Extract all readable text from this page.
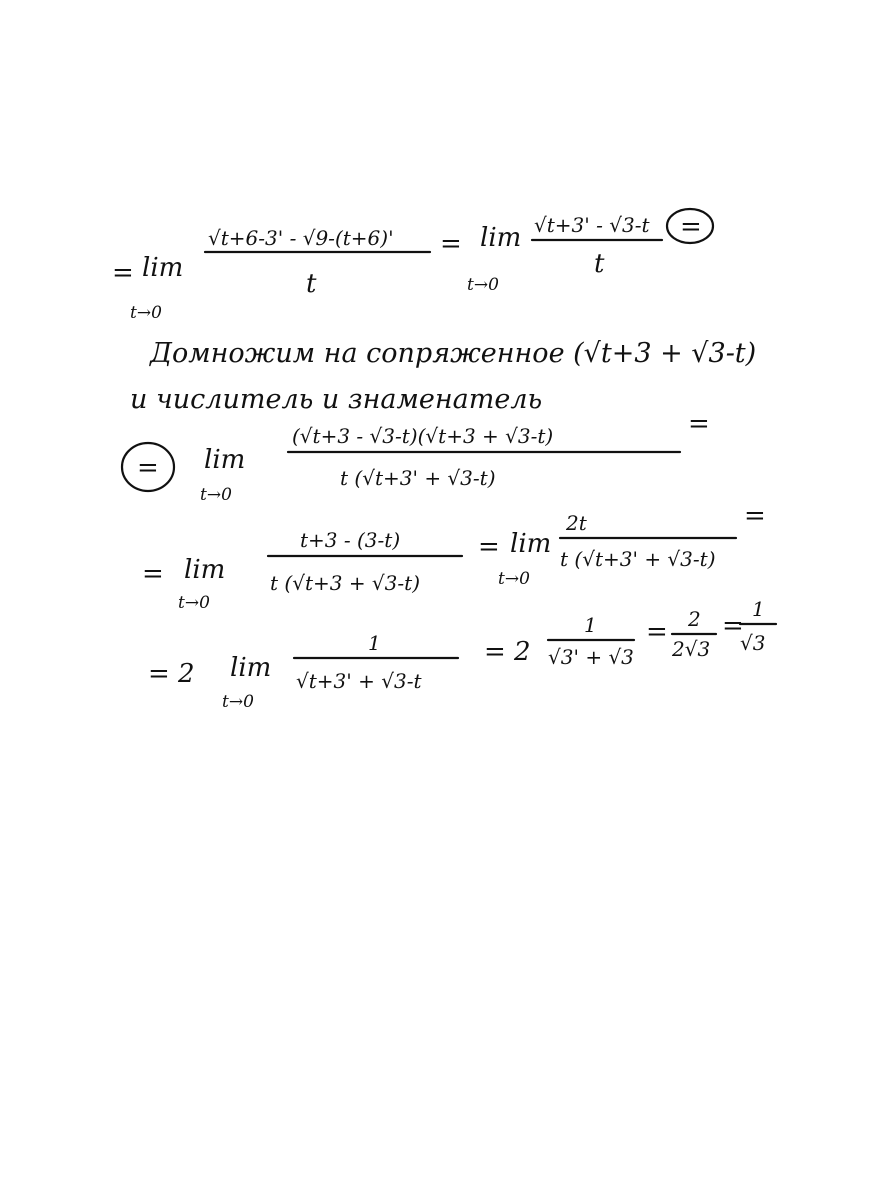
= lim
t→0
√t+6-3' - √9-(t+6)'
t
= lim
t→0
√t+3' - √3-t
t
=
Домножим на сопряженное (√t+3 + √3-t)
и числитель и знаменатель
= lim
t→0
(√t+3 - √3-t)(√t+3 + √3-t)
t (√t+3' + √3-t)
=
= lim
t→0
t+3 - (3-t)
t (√t+3 + √3-t)
= lim
t→0
2t
t (√t+3' + √3-t)
=
= 2 lim
t→0
1
√t+3' + √3-t
= 2
1
√3' + √3
= 2
2√3
=
1
√3
